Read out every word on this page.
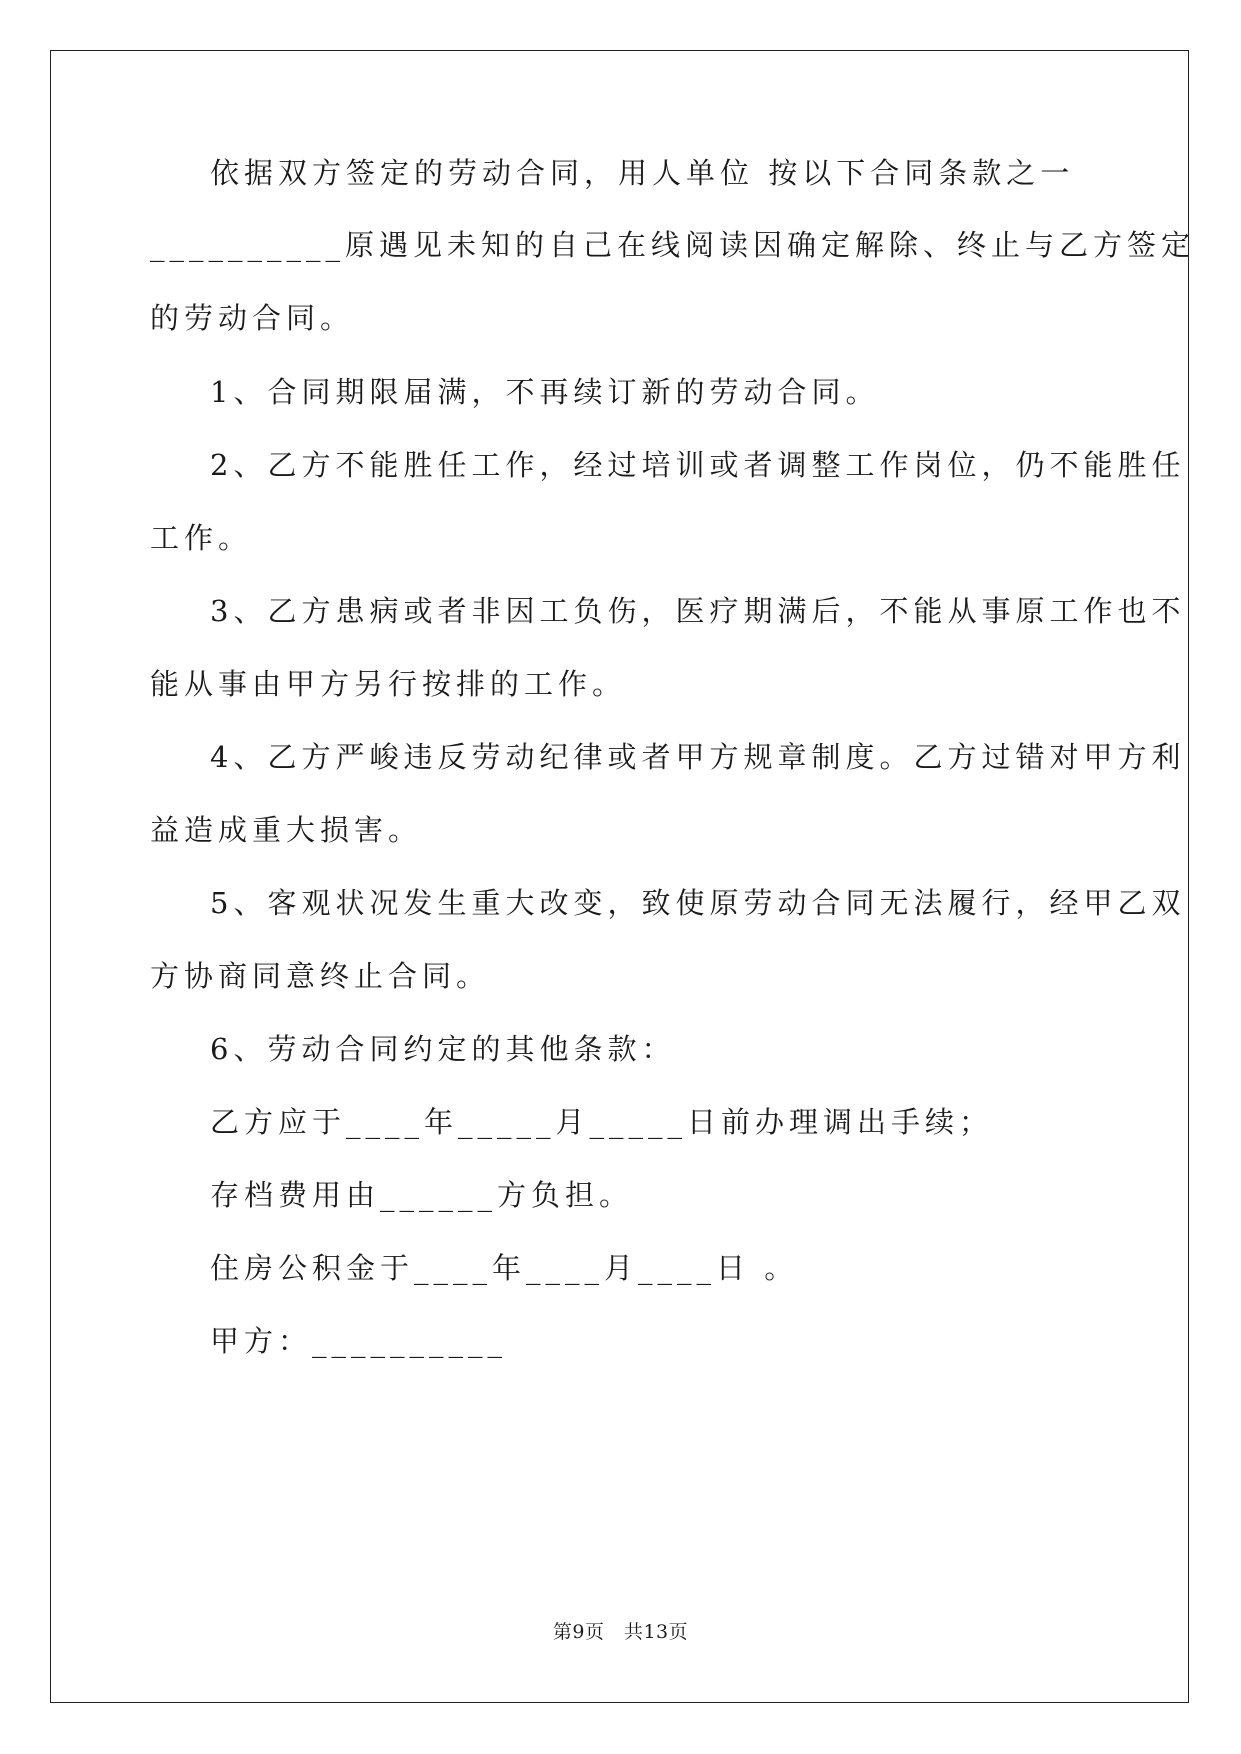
依据双方签定的劳动合同，用人单位 按以下合同条款之一
__________原遇见未知的自己在线阅读因确定解除、终止与乙方签定
的劳动合同。
1、合同期限届满，不再续订新的劳动合同。
2、乙方不能胜任工作，经过培训或者调整工作岗位，仍不能胜任
工作。
3、乙方患病或者非因工负伤，医疗期满后，不能从事原工作也不
能从事由甲方另行按排的工作。
4、乙方严峻违反劳动纪律或者甲方规章制度。乙方过错对甲方利
益造成重大损害。
5、客观状况发生重大改变，致使原劳动合同无法履行，经甲乙双
方协商同意终止合同。
6、劳动合同约定的其他条款：
乙方应于____年_____月_____日前办理调出手续；
存档费用由______方负担。
住房公积金于____年____月____日 。
甲方：__________
第9页　共13页
